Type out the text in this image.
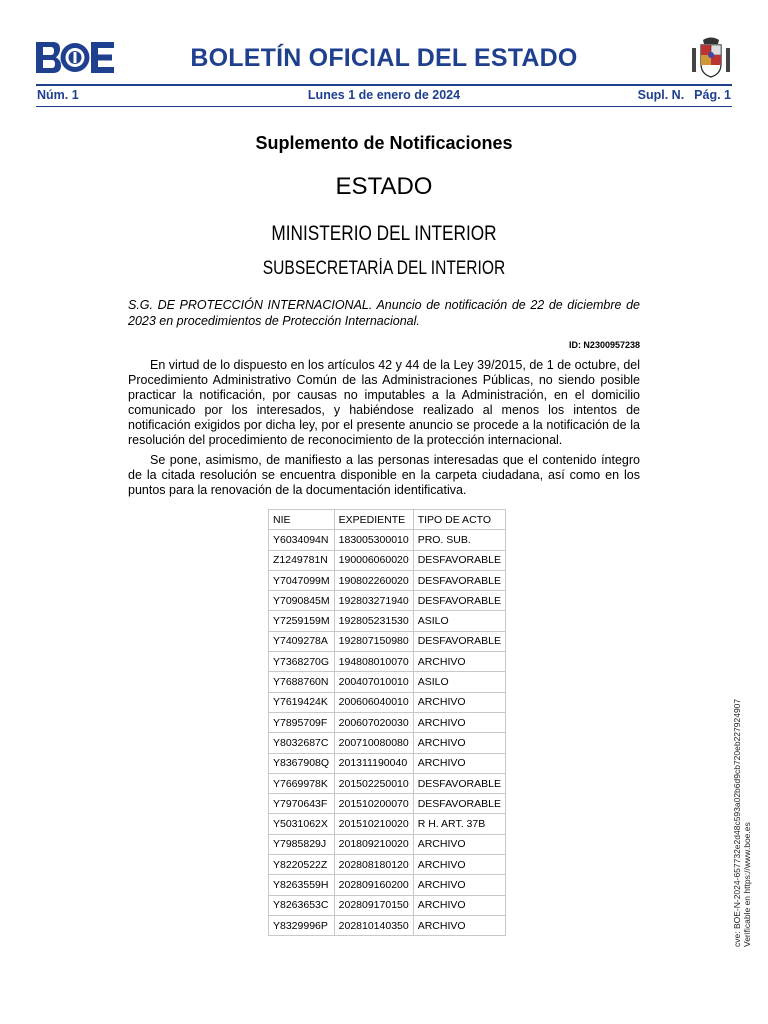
BOLETÍN OFICIAL DEL ESTADO
Núm. 1	Lunes 1 de enero de 2024	Supl. N. Pág. 1
Suplemento de Notificaciones
ESTADO
MINISTERIO DEL INTERIOR
SUBSECRETARÍA DEL INTERIOR
S.G. DE PROTECCIÓN INTERNACIONAL. Anuncio de notificación de 22 de diciembre de 2023 en procedimientos de Protección Internacional.
ID: N2300957238

En virtud de lo dispuesto en los artículos 42 y 44 de la Ley 39/2015, de 1 de octubre, del Procedimiento Administrativo Común de las Administraciones Públicas, no siendo posible practicar la notificación, por causas no imputables a la Administración, en el domicilio comunicado por los interesados, y habiéndose realizado al menos los intentos de notificación exigidos por dicha ley, por el presente anuncio se procede a la notificación de la resolución del procedimiento de reconocimiento de la protección internacional.

Se pone, asimismo, de manifiesto a las personas interesadas que el contenido íntegro de la citada resolución se encuentra disponible en la carpeta ciudadana, así como en los puntos para la renovación de la documentación identificativa.

NIE	EXPEDIENTE	TIPO DE ACTO
Y6034094N	183005300010	PRO. SUB.
Z1249781N	190006060020	DESFAVORABLE
Y7047099M	190802260020	DESFAVORABLE
Y7090845M	192803271940	DESFAVORABLE
Y7259159M	192805231530	ASILO
Y7409278A	192807150980	DESFAVORABLE
Y7368270G	194808010070	ARCHIVO
Y7688760N	200407010010	ASILO
Y7619424K	200606040010	ARCHIVO
Y7895709F	200607020030	ARCHIVO
Y8032687C	200710080080	ARCHIVO
Y8367908Q	201311190040	ARCHIVO
Y7669978K	201502250010	DESFAVORABLE
Y7970643F	201510200070	DESFAVORABLE
Y5031062X	201510210020	R H. ART. 37B
Y7985829J	201809210020	ARCHIVO
Y8220522Z	202808180120	ARCHIVO
Y8263559H	202809160200	ARCHIVO
Y8263653C	202809170150	ARCHIVO
Y8329996P	202810140350	ARCHIVO	cve: BOE-N-2024-657732e2d48c593a02b6d9cb720eb227924907 Verificable en https://www.boe.es
